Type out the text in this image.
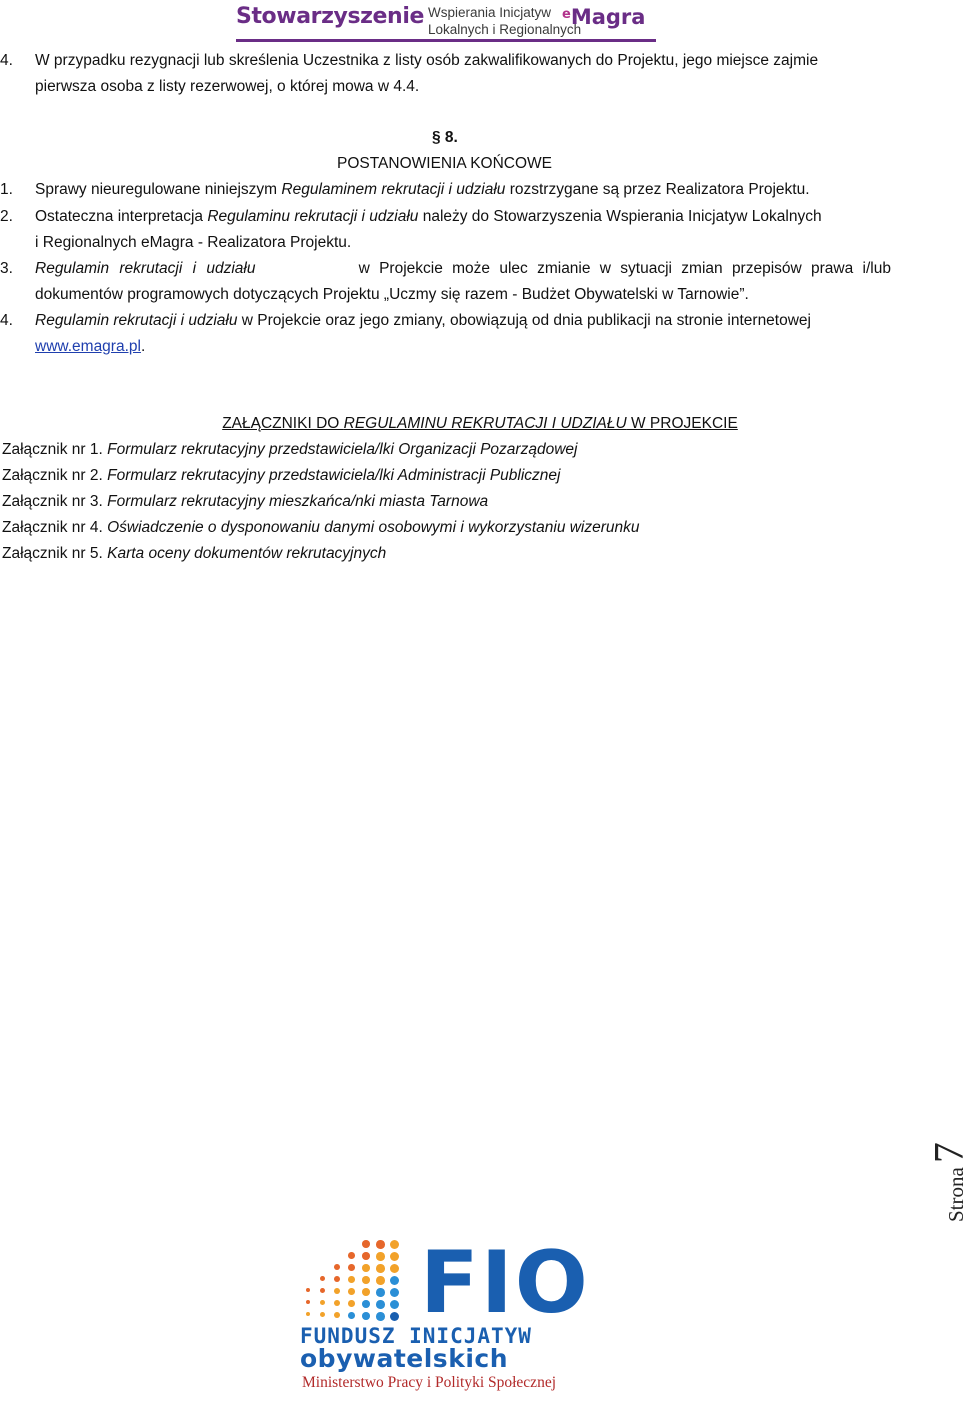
Stowarzyszenie Wspierania Inicjatyw
Lokalnych i Regionalnych
$^e$Magra
4. W przypadku rezygnacji lub skreślenia Uczestnika z listy osób zakwalifikowanych do Projektu, jego miejsce zajmie
pierwsza osoba z listy rezerwowej, o której mowa w 4.4.
§ 8.
POSTANOWIENIA KOŃCOWE
1. Sprawy nieuregulowane niniejszym Regulaminem rekrutacji i udziału rozstrzygane są przez Realizatora Projektu.
2. Ostateczna interpretacja Regulaminu rekrutacji i udziału należy do Stowarzyszenia Wspierania Inicjatyw Lokalnych
i Regionalnych eMagra - Realizatora Projektu.
3. Regulamin rekrutacji i udziału	w Projekcie może ulec zmianie w sytuacji zmian przepisów prawa i/lub
dokumentów programowych dotyczących Projektu „Uczmy się razem - Budżet Obywatelski w Tarnowie”.
4. Regulamin rekrutacji i udziału w Projekcie oraz jego zmiany, obowiązują od dnia publikacji na stronie internetowej
www.emagra.pl.
ZAŁĄCZNIKI DO REGULAMINU REKRUTACJI I UDZIAŁU W PROJEKCIE
Załącznik nr 1. Formularz rekrutacyjny przedstawiciela/lki Organizacji Pozarządowej
Załącznik nr 2. Formularz rekrutacyjny przedstawiciela/lki Administracji Publicznej
Załącznik nr 3. Formularz rekrutacyjny mieszkańca/nki miasta Tarnowa
Załącznik nr 4. Oświadczenie o dysponowaniu danymi osobowymi i wykorzystaniu wizerunku
Załącznik nr 5. Karta oceny dokumentów rekrutacyjnych
Strona7
FIO
FUNDUSZ INICJATYW
obywatelskich
Ministerstwo Pracy i Polityki Społecznej
